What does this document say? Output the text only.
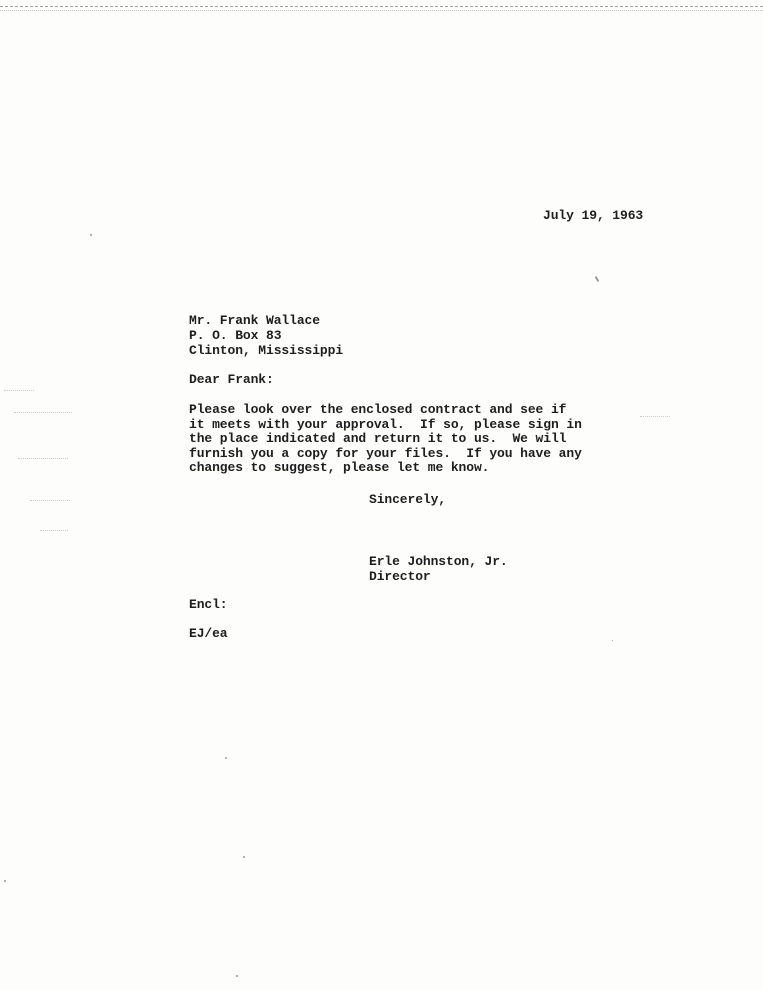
July 19, 1963
Mr. Frank Wallace
P. O. Box 83
Clinton, Mississippi
Dear Frank:
Please look over the enclosed contract and see if
it meets with your approval.  If so, please sign in
the place indicated and return it to us.  We will
furnish you a copy for your files.  If you have any
changes to suggest, please let me know.
Sincerely,
Erle Johnston, Jr.
Director
Encl:
EJ/ea
